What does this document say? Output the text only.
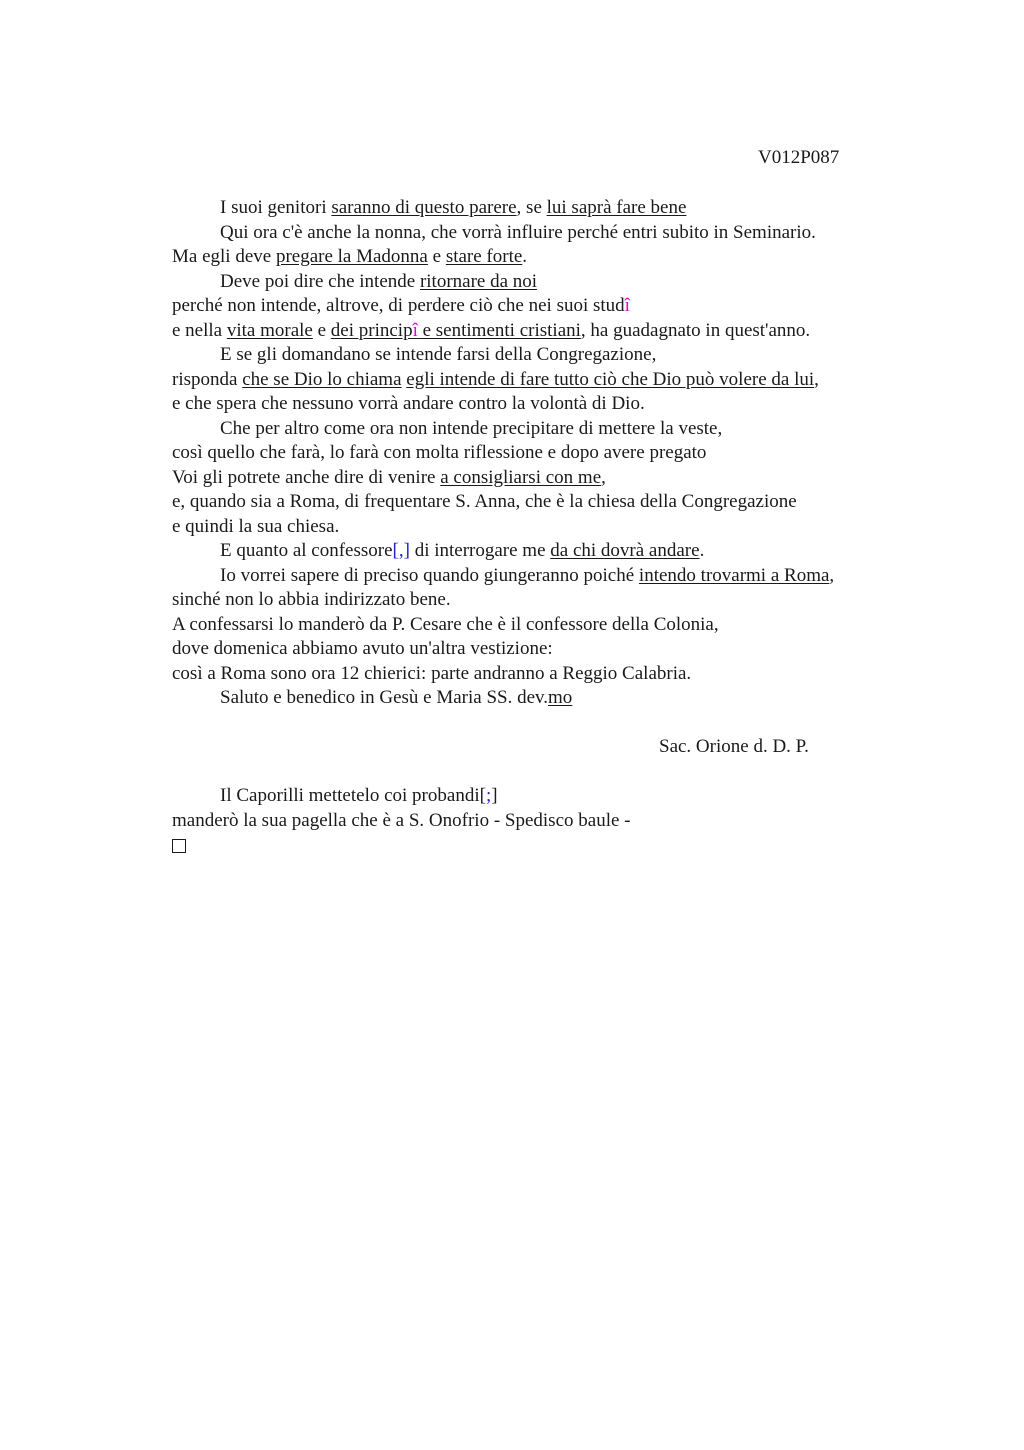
V012P087
I suoi genitori saranno di questo parere, se lui saprà fare bene
Qui ora c'è anche la nonna, che vorrà influire perché entri subito in Seminario.
Ma egli deve pregare la Madonna e stare forte.
Deve poi dire che intende ritornare da noi
perché non intende, altrove, di perdere ciò che nei suoi studî
e nella vita morale e dei principî e sentimenti cristiani, ha guadagnato in quest'anno.
E se gli domandano se intende farsi della Congregazione,
risponda che se Dio lo chiama egli intende di fare tutto ciò che Dio può volere da lui,
e che spera che nessuno vorrà andare contro la volontà di Dio.
Che per altro come ora non intende precipitare di mettere la veste,
così quello che farà, lo farà con molta riflessione e dopo avere pregato
Voi gli potrete anche dire di venire a consigliarsi con me,
e, quando sia a Roma, di frequentare S. Anna, che è la chiesa della Congregazione
e quindi la sua chiesa.
E quanto al confessore[,] di interrogare me da chi dovrà andare.
Io vorrei sapere di preciso quando giungeranno poiché intendo trovarmi a Roma,
sinché non lo abbia indirizzato bene.
A confessarsi lo manderò da P. Cesare che è il confessore della Colonia,
dove domenica abbiamo avuto un'altra vestizione:
così a Roma sono ora 12 chierici: parte andranno a Reggio Calabria.
Saluto e benedico in Gesù e Maria SS. dev.mo
Sac. Orione d. D. P.
Il Caporilli mettetelo coi probandi[;]
manderò la sua pagella che è a S. Onofrio - Spedisco baule -
